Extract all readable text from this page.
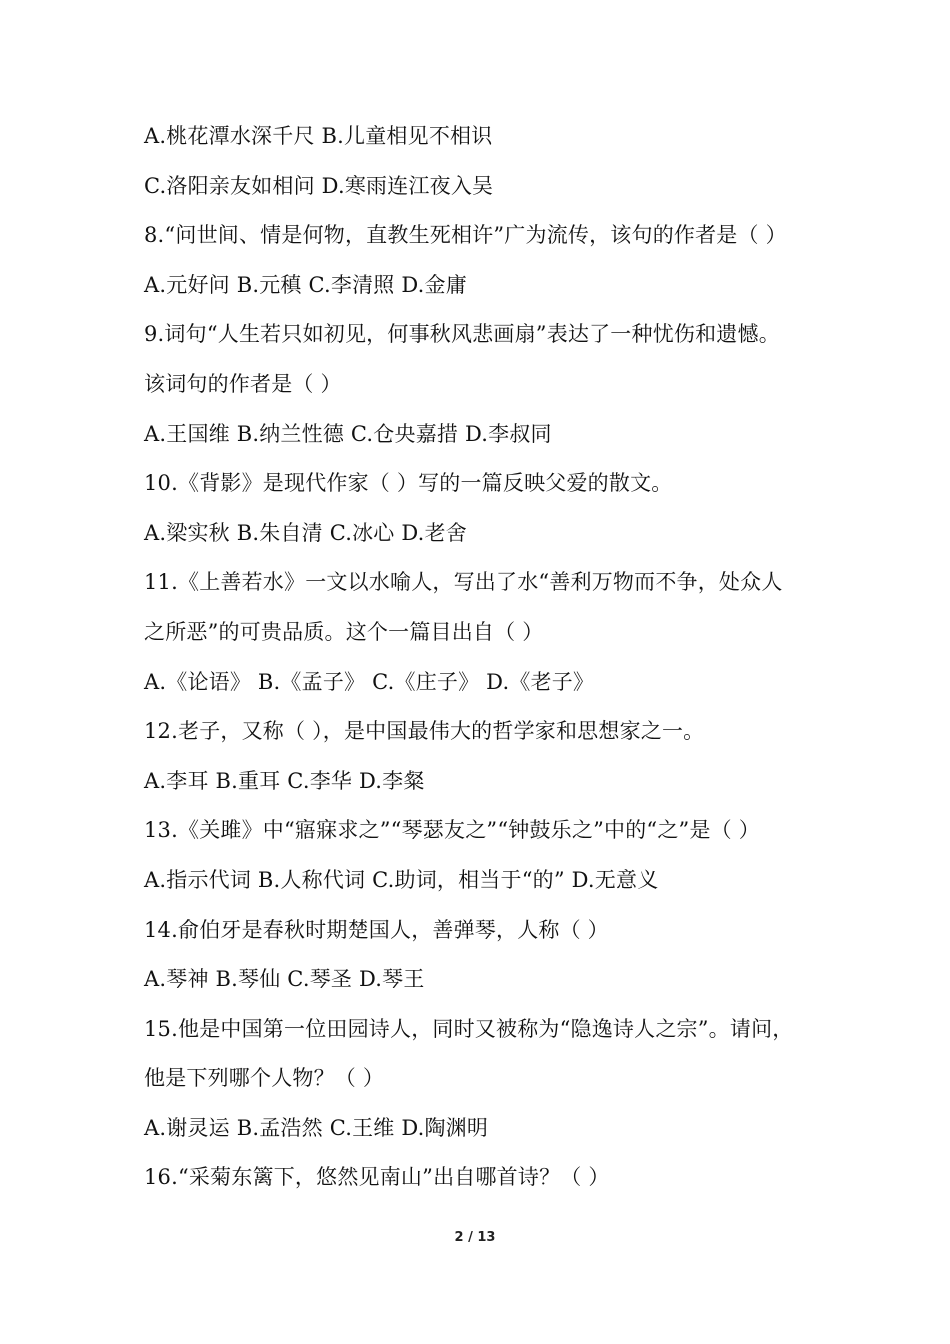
A.桃花潭水深千尺 B.儿童相见不相识
C.洛阳亲友如相问 D.寒雨连江夜入吴
8.“问世间、情是何物，直教生死相许”广为流传，该句的作者是（ ）
A.元好问 B.元稹 C.李清照 D.金庸
9.词句“人生若只如初见，何事秋风悲画扇”表达了一种忧伤和遗憾。
该词句的作者是（ ）
A.王国维 B.纳兰性德 C.仓央嘉措 D.李叔同
10.《背影》是现代作家（ ）写的一篇反映父爱的散文。
A.梁实秋 B.朱自清 C.冰心 D.老舍
11.《上善若水》一文以水喻人，写出了水“善利万物而不争，处众人
之所恶”的可贵品质。这个一篇目出自（ ）
A.《论语》 B.《孟子》 C.《庄子》 D.《老子》
12.老子，又称（ ），是中国最伟大的哲学家和思想家之一。
A.李耳 B.重耳 C.李华 D.李粲
13.《关雎》中“寤寐求之”“琴瑟友之”“钟鼓乐之”中的“之”是（ ）
A.指示代词 B.人称代词 C.助词，相当于“的” D.无意义
14.俞伯牙是春秋时期楚国人，善弹琴，人称（ ）
A.琴神 B.琴仙 C.琴圣 D.琴王
15.他是中国第一位田园诗人，同时又被称为“隐逸诗人之宗”。请问，
他是下列哪个人物？（ ）
A.谢灵运 B.孟浩然 C.王维 D.陶渊明
16.“采菊东篱下，悠然见南山”出自哪首诗？（ ）
2 / 13
